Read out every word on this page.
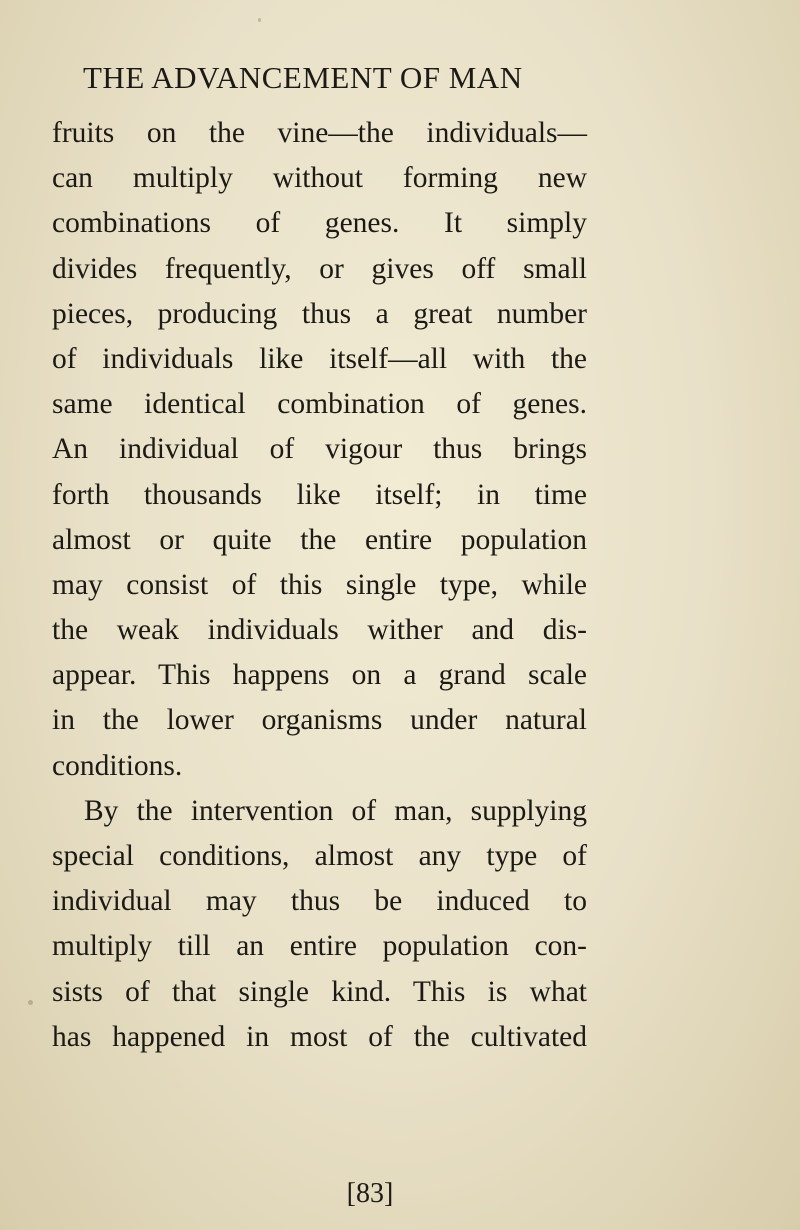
THE ADVANCEMENT OF MAN
fruits on the vine—the individuals—
can multiply without forming new
combinations of genes. It simply
divides frequently, or gives off small
pieces, producing thus a great number
of individuals like itself—all with the
same identical combination of genes.
An individual of vigour thus brings
forth thousands like itself; in time
almost or quite the entire population
may consist of this single type, while
the weak individuals wither and dis-
appear. This happens on a grand scale
in the lower organisms under natural
conditions.
By the intervention of man, supplying
special conditions, almost any type of
individual may thus be induced to
multiply till an entire population con-
sists of that single kind. This is what
has happened in most of the cultivated
[83]
